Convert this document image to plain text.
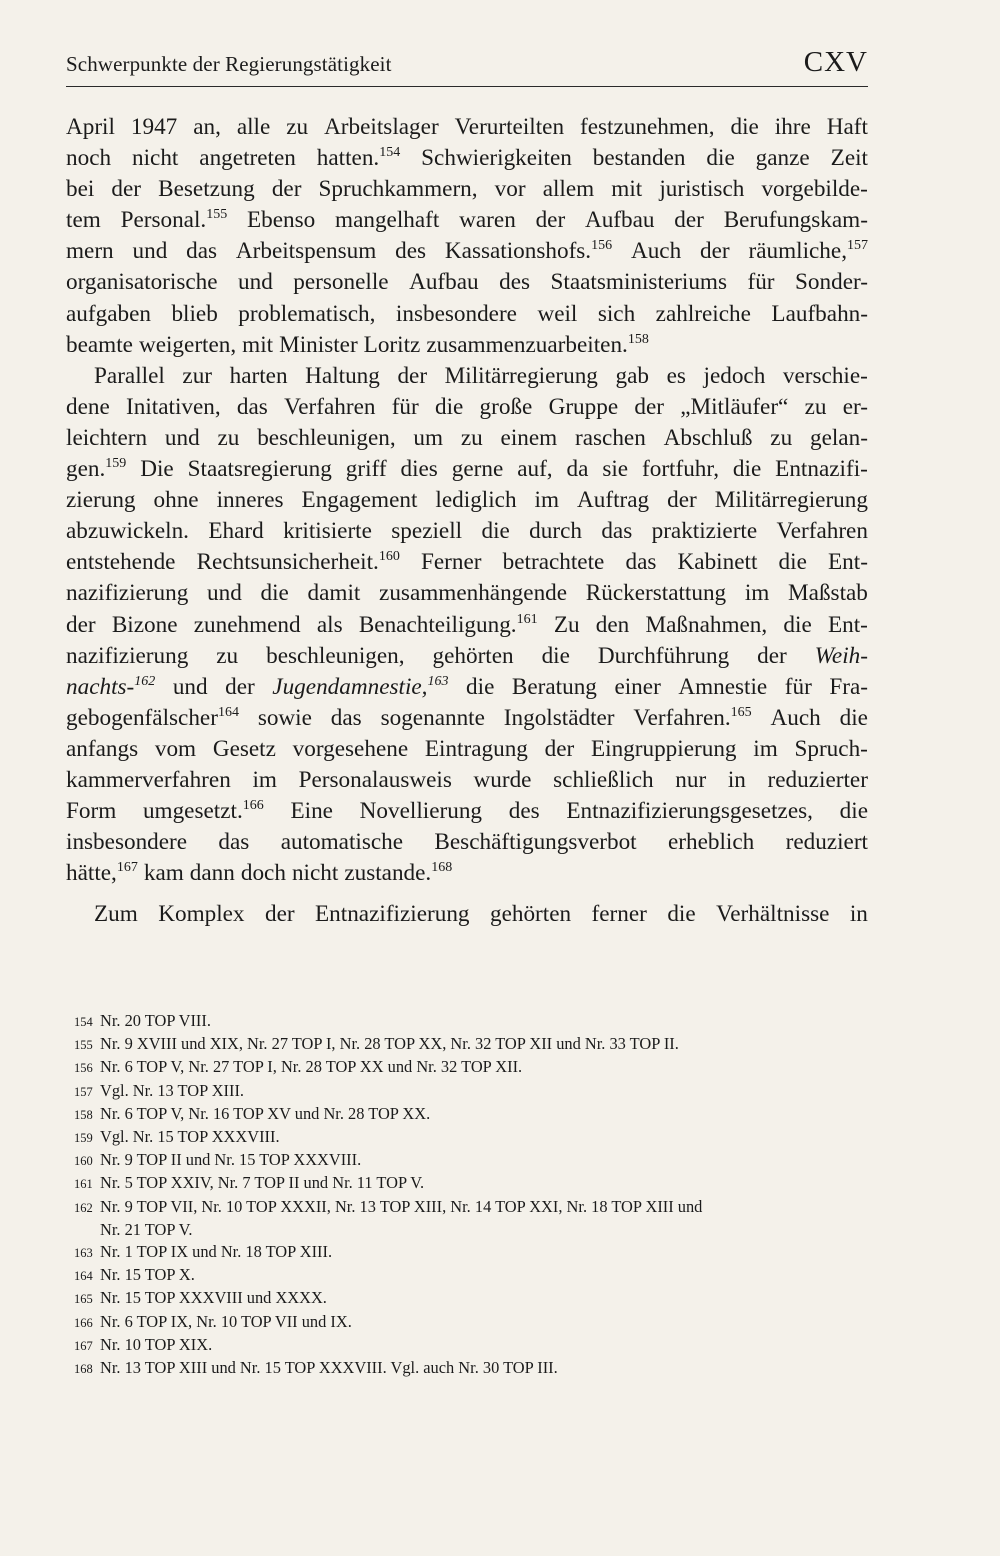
Schwerpunkte der Regierungstätigkeit	CXV
April 1947 an, alle zu Arbeitslager Verurteilten festzunehmen, die ihre Haft
noch nicht angetreten hatten.$^{154}$ Schwierigkeiten bestanden die ganze Zeit
bei der Besetzung der Spruchkammern, vor allem mit juristisch vorgebilde-
tem Personal.$^{155}$ Ebenso mangelhaft waren der Aufbau der Berufungskam-
mern und das Arbeitspensum des Kassationshofs.$^{156}$ Auch der räumliche,$^{157}$
organisatorische und personelle Aufbau des Staatsministeriums für Sonder-
aufgaben blieb problematisch, insbesondere weil sich zahlreiche Laufbahn-
beamte weigerten, mit Minister Loritz zusammenzuarbeiten.$^{158}$
Parallel zur harten Haltung der Militärregierung gab es jedoch verschie-
dene Initativen, das Verfahren für die große Gruppe der „Mitläufer“ zu er-
leichtern und zu beschleunigen, um zu einem raschen Abschluß zu gelan-
gen.$^{159}$ Die Staatsregierung griff dies gerne auf, da sie fortfuhr, die Entnazifi-
zierung ohne inneres Engagement lediglich im Auftrag der Militärregierung
abzuwickeln. Ehard kritisierte speziell die durch das praktizierte Verfahren
entstehende Rechtsunsicherheit.$^{160}$ Ferner betrachtete das Kabinett die Ent-
nazifizierung und die damit zusammenhängende Rückerstattung im Maßstab
der Bizone zunehmend als Benachteiligung.$^{161}$ Zu den Maßnahmen, die Ent-
nazifizierung zu beschleunigen, gehörten die Durchführung der Weih-
nachts-$^{162}$ und der Jugendamnestie,$^{163}$ die Beratung einer Amnestie für Fra-
gebogenfälscher$^{164}$ sowie das sogenannte Ingolstädter Verfahren.$^{165}$ Auch die
anfangs vom Gesetz vorgesehene Eintragung der Eingruppierung im Spruch-
kammerverfahren im Personalausweis wurde schließlich nur in reduzierter
Form umgesetzt.$^{166}$ Eine Novellierung des Entnazifizierungsgesetzes, die
insbesondere das automatische Beschäftigungsverbot erheblich reduziert
hätte,$^{167}$ kam dann doch nicht zustande.$^{168}$
Zum Komplex der Entnazifizierung gehörten ferner die Verhältnisse in
154 Nr. 20 TOP VIII.
155 Nr. 9 XVIII und XIX, Nr. 27 TOP I, Nr. 28 TOP XX, Nr. 32 TOP XII und Nr. 33 TOP II.
156 Nr. 6 TOP V, Nr. 27 TOP I, Nr. 28 TOP XX und Nr. 32 TOP XII.
157 Vgl. Nr. 13 TOP XIII.
158 Nr. 6 TOP V, Nr. 16 TOP XV und Nr. 28 TOP XX.
159 Vgl. Nr. 15 TOP XXXVIII.
160 Nr. 9 TOP II und Nr. 15 TOP XXXVIII.
161 Nr. 5 TOP XXIV, Nr. 7 TOP II und Nr. 11 TOP V.
162 Nr. 9 TOP VII, Nr. 10 TOP XXXII, Nr. 13 TOP XIII, Nr. 14 TOP XXI, Nr. 18 TOP XIII und
Nr. 21 TOP V.
163 Nr. 1 TOP IX und Nr. 18 TOP XIII.
164 Nr. 15 TOP X.
165 Nr. 15 TOP XXXVIII und XXXX.
166 Nr. 6 TOP IX, Nr. 10 TOP VII und IX.
167 Nr. 10 TOP XIX.
168 Nr. 13 TOP XIII und Nr. 15 TOP XXXVIII. Vgl. auch Nr. 30 TOP III.
